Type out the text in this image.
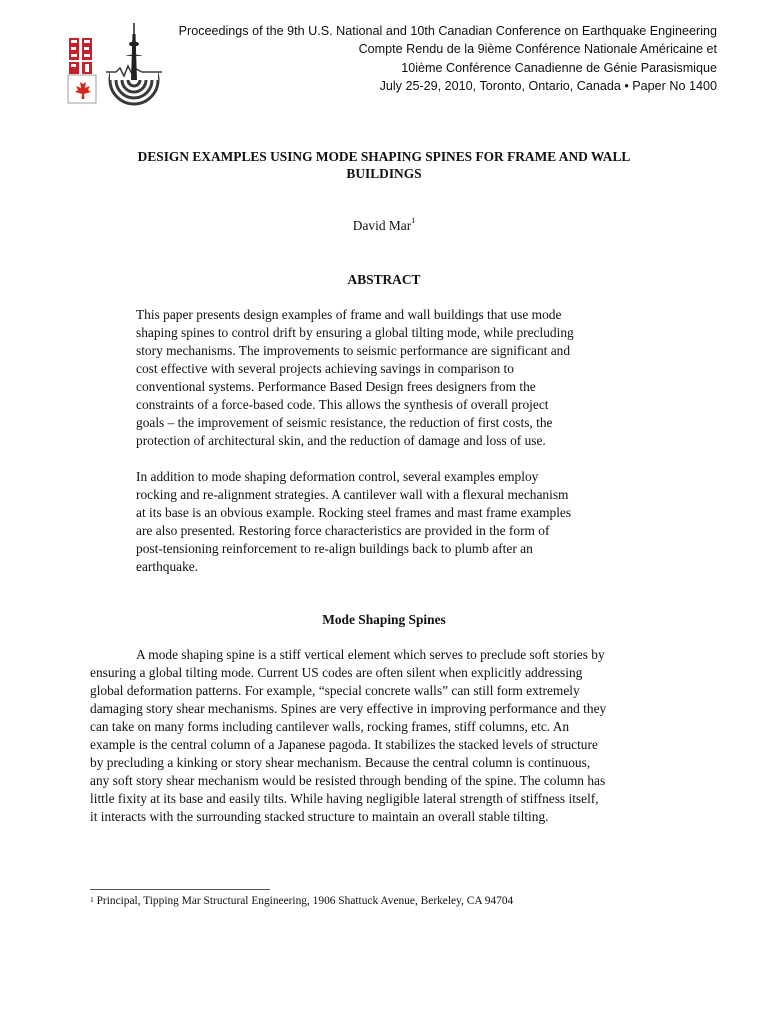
Proceedings of the 9th U.S. National and 10th Canadian Conference on Earthquake Engineering
Compte Rendu de la 9ième Conférence Nationale Américaine et
10ième Conférence Canadienne de Génie Parasismique
July 25-29, 2010, Toronto, Ontario, Canada • Paper No 1400
DESIGN EXAMPLES USING MODE SHAPING SPINES FOR FRAME AND WALL
BUILDINGS
David Mar$^1$
ABSTRACT
This paper presents design examples of frame and wall buildings that use mode
shaping spines to control drift by ensuring a global tilting mode, while precluding
story mechanisms. The improvements to seismic performance are significant and
cost effective with several projects achieving savings in comparison to
conventional systems. Performance Based Design frees designers from the
constraints of a force-based code. This allows the synthesis of overall project
goals – the improvement of seismic resistance, the reduction of first costs, the
protection of architectural skin, and the reduction of damage and loss of use.
In addition to mode shaping deformation control, several examples employ
rocking and re-alignment strategies. A cantilever wall with a flexural mechanism
at its base is an obvious example. Rocking steel frames and mast frame examples
are also presented. Restoring force characteristics are provided in the form of
post-tensioning reinforcement to re-align buildings back to plumb after an
earthquake.
Mode Shaping Spines
A mode shaping spine is a stiff vertical element which serves to preclude soft stories by
ensuring a global tilting mode. Current US codes are often silent when explicitly addressing
global deformation patterns. For example, “special concrete walls” can still form extremely
damaging story shear mechanisms. Spines are very effective in improving performance and they
can take on many forms including cantilever walls, rocking frames, stiff columns, etc. An
example is the central column of a Japanese pagoda. It stabilizes the stacked levels of structure
by precluding a kinking or story shear mechanism. Because the central column is continuous,
any soft story shear mechanism would be resisted through bending of the spine. The column has
little fixity at its base and easily tilts. While having negligible lateral strength of stiffness itself,
it interacts with the surrounding stacked structure to maintain an overall stable tilting.
$^1$ Principal, Tipping Mar Structural Engineering, 1906 Shattuck Avenue, Berkeley, CA 94704
